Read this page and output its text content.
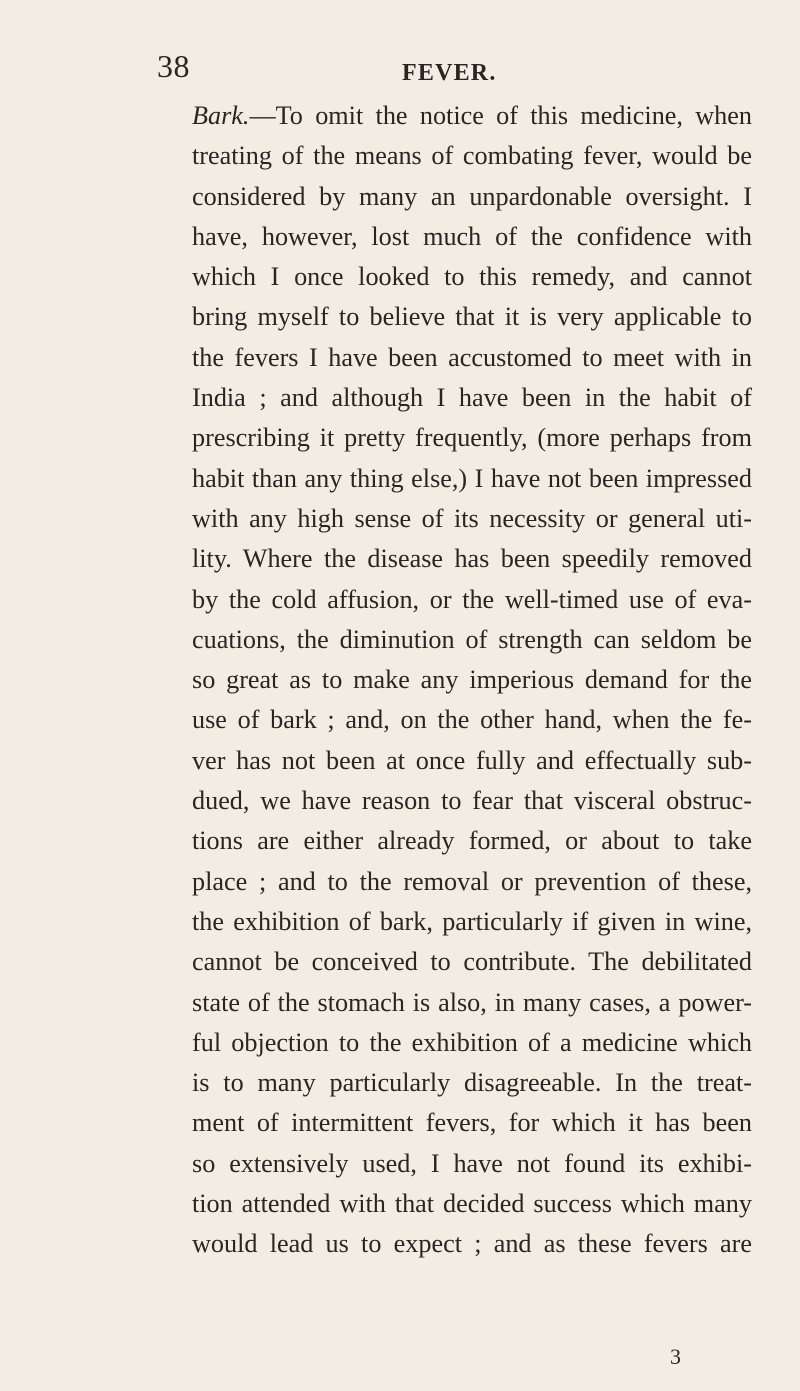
38	FEVER.
Bark.—To omit the notice of this medicine, when
treating of the means of combating fever, would be
considered by many an unpardonable oversight. I
have, however, lost much of the confidence with
which I once looked to this remedy, and cannot
bring myself to believe that it is very applicable to
the fevers I have been accustomed to meet with in
India ; and although I have been in the habit of
prescribing it pretty frequently, (more perhaps from
habit than any thing else,) I have not been impressed
with any high sense of its necessity or general uti-
lity. Where the disease has been speedily removed
by the cold affusion, or the well-timed use of eva-
cuations, the diminution of strength can seldom be
so great as to make any imperious demand for the
use of bark ; and, on the other hand, when the fe-
ver has not been at once fully and effectually sub-
dued, we have reason to fear that visceral obstruc-
tions are either already formed, or about to take
place ; and to the removal or prevention of these,
the exhibition of bark, particularly if given in wine,
cannot be conceived to contribute. The debilitated
state of the stomach is also, in many cases, a power-
ful objection to the exhibition of a medicine which
is to many particularly disagreeable. In the treat-
ment of intermittent fevers, for which it has been
so extensively used, I have not found its exhibi-
tion attended with that decided success which many
would lead us to expect ; and as these fevers are
3
